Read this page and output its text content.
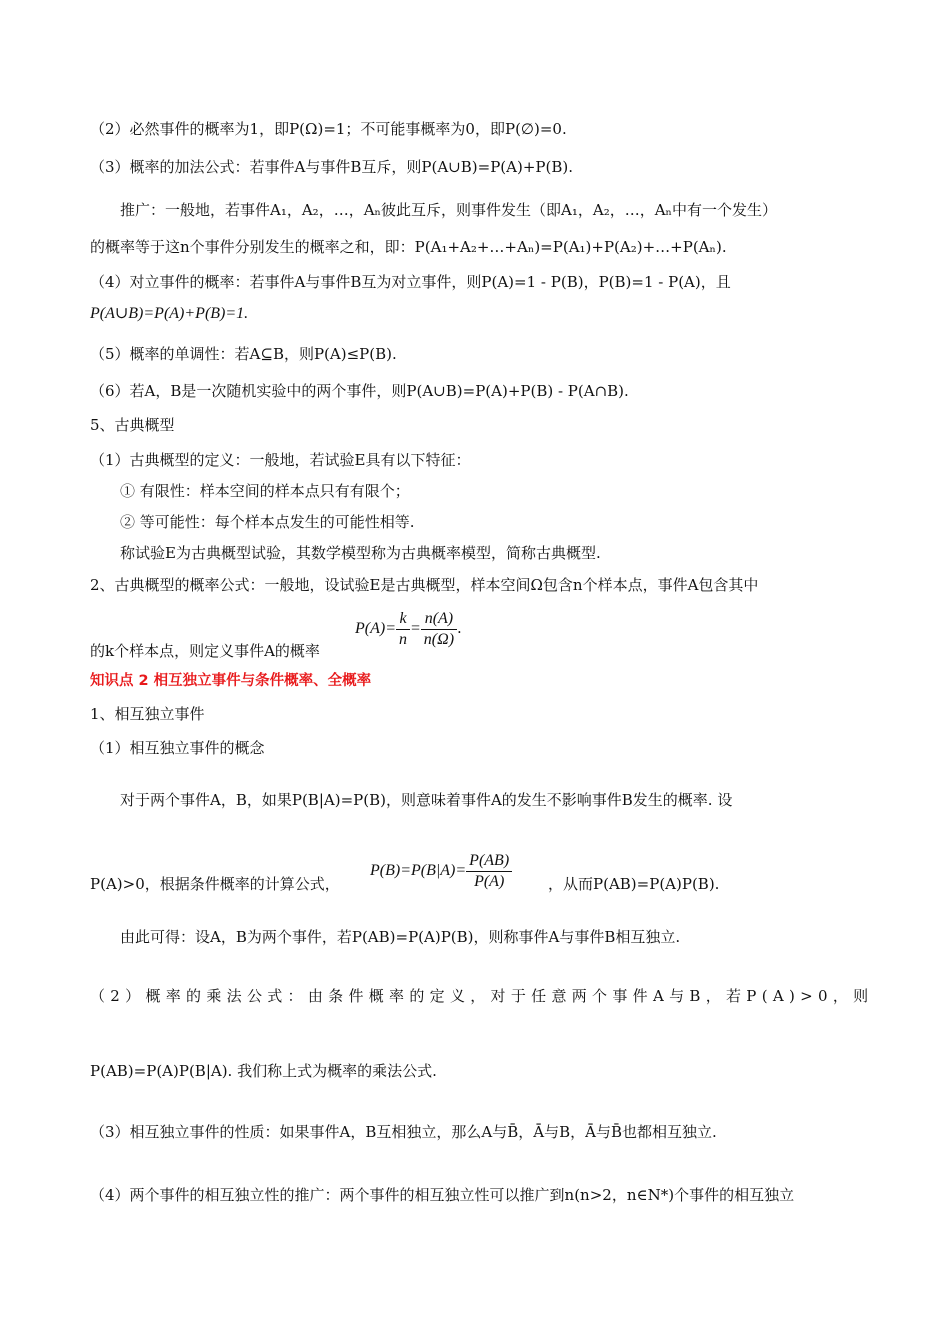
（2）必然事件的概率为1，即P(Ω)=1；不可能事概率为0，即P(∅)=0.
（3）概率的加法公式：若事件A与事件B互斥，则P(A∪B)=P(A)+P(B).
推广：一般地，若事件A₁，A₂，…，Aₙ彼此互斥，则事件发生（即A₁，A₂，…，Aₙ中有一个发生）
的概率等于这n个事件分别发生的概率之和，即：P(A₁+A₂+…+Aₙ)=P(A₁)+P(A₂)+…+P(Aₙ).
（4）对立事件的概率：若事件A与事件B互为对立事件，则P(A)=1 - P(B)，P(B)=1 - P(A)，且
P(A∪B)=P(A)+P(B)=1.
（5）概率的单调性：若A⊆B，则P(A)≤P(B).
（6）若A，B是一次随机实验中的两个事件，则P(A∪B)=P(A)+P(B) - P(A∩B).
5、古典概型
（1）古典概型的定义：一般地，若试验E具有以下特征：
① 有限性：样本空间的样本点只有有限个；
② 等可能性：每个样本点发生的可能性相等.
称试验E为古典概型试验，其数学模型称为古典概率模型，简称古典概型.
2、古典概型的概率公式：一般地，设试验E是古典概型，样本空间Ω包含n个样本点，事件A包含其中
的k个样本点，则定义事件A的概率
$P(A)= \frac{k}{n} = \frac{n(A)}{n(\Omega)}$ .
知识点 2 相互独立事件与条件概率、全概率
1、相互独立事件
（1）相互独立事件的概念
对于两个事件A，B，如果P(B|A)=P(B)，则意味着事件A的发生不影响事件B发生的概率. 设
P(A)>0，根据条件概率的计算公式，
$P(B)=P(B|A)= \frac{P(AB)}{P(A)}$ ，从而P(AB)=P(A)P(B).
由此可得：设A，B为两个事件，若P(AB)=P(A)P(B)，则称事件A与事件B相互独立.
（2）概率的乘法公式：由条件概率的定义，对于任意两个事件A与B，若P(A)>0，则
P(AB)=P(A)P(B|A). 我们称上式为概率的乘法公式.
（3）相互独立事件的性质：如果事件A，B互相独立，那么A与B̄，Ā与B，Ā与B̄也都相互独立.
（4）两个事件的相互独立性的推广：两个事件的相互独立性可以推广到n(n>2，n∈N*)个事件的相互独立
